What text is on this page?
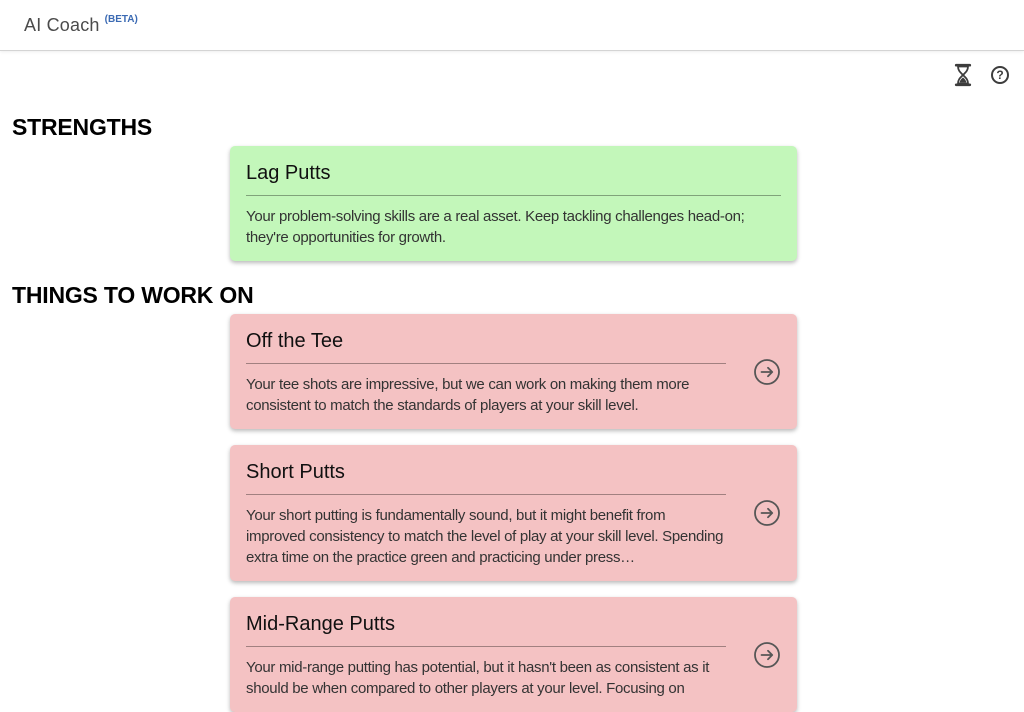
AI Coach (BETA)
?
STRENGTHS
Lag Putts

Your problem-solving skills are a real asset. Keep tackling challenges head-on; they're opportunities for growth.

THINGS TO WORK ON
Off the Tee

Your tee shots are impressive, but we can work on making them more consistent to match the standards of players at your skill level.

Short Putts

Your short putting is fundamentally sound, but it might benefit from improved consistency to match the level of play at your skill level. Spending extra time on the practice green and practicing under press…

Mid-Range Putts

Your mid-range putting has potential, but it hasn't been as consistent as it should be when compared to other players at your level. Focusing on
